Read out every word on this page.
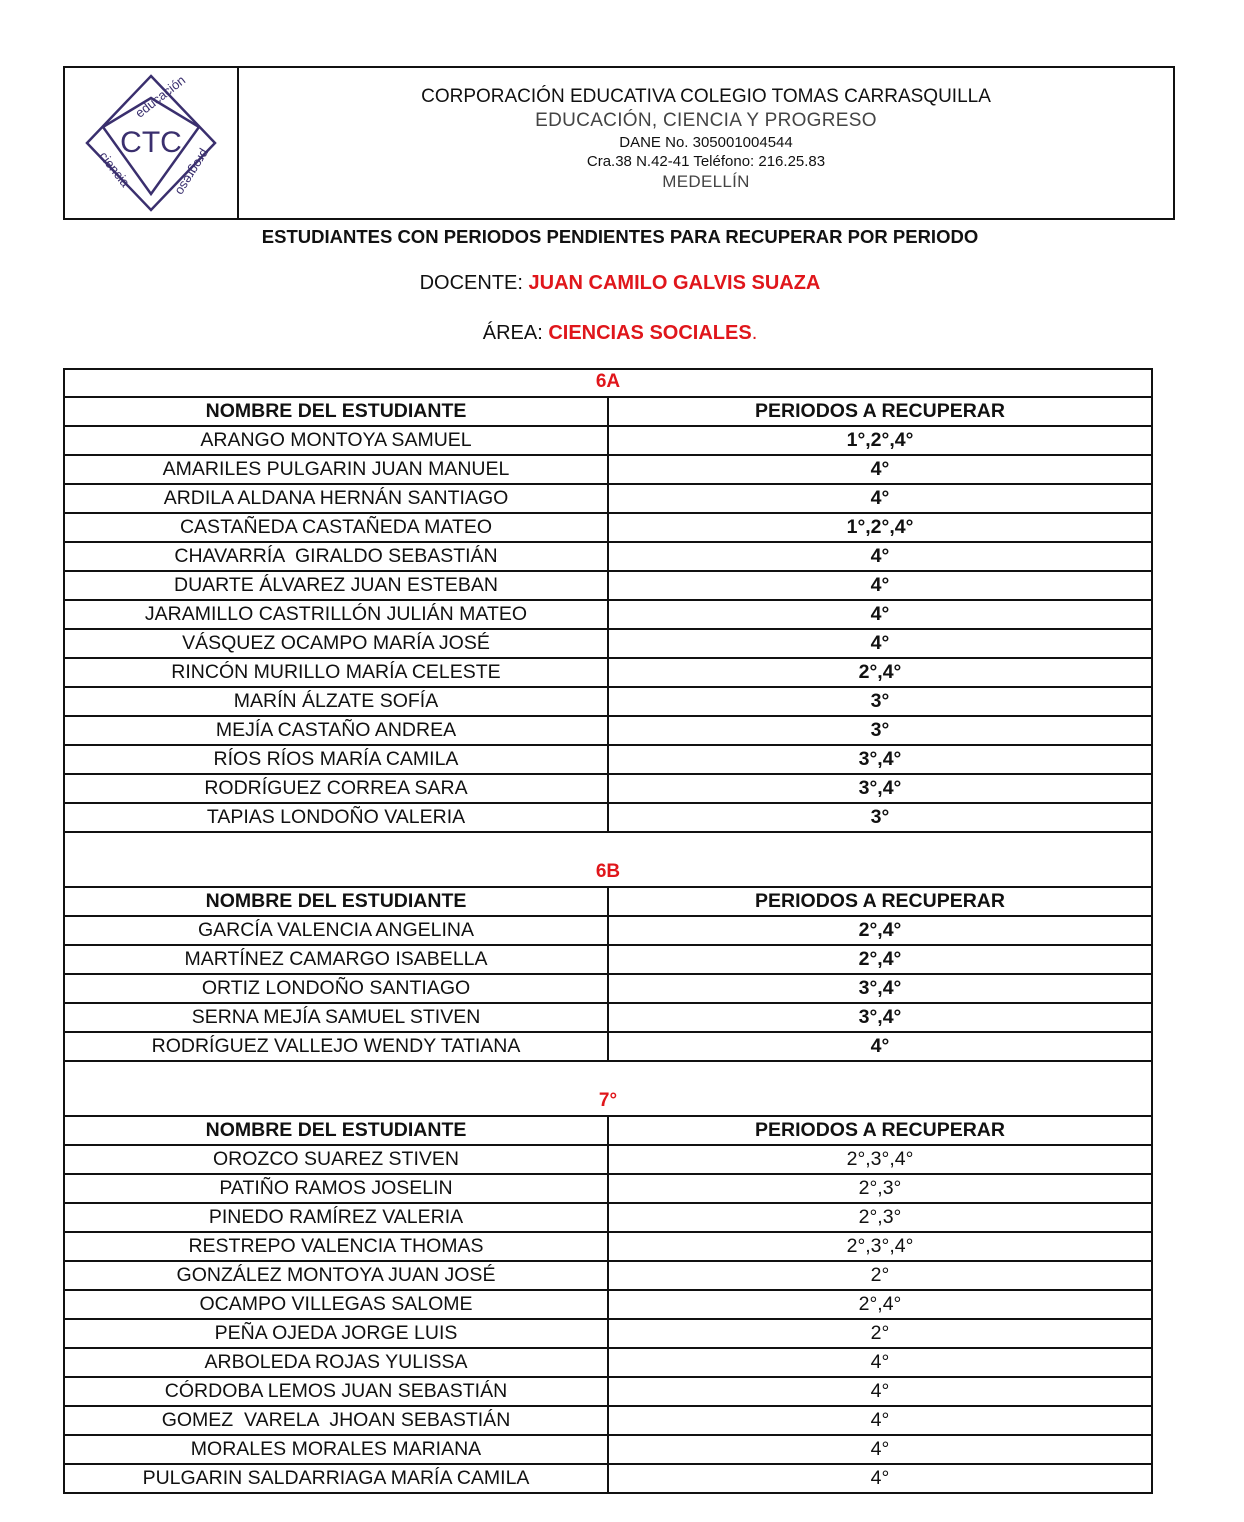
CTC
educación
ciencia	progreso
CORPORACIÓN EDUCATIVA COLEGIO TOMAS CARRASQUILLA
EDUCACIÓN, CIENCIA Y PROGRESO
DANE No. 305001004544
Cra.38 N.42-41 Teléfono: 216.25.83
MEDELLÍN
ESTUDIANTES CON PERIODOS PENDIENTES PARA RECUPERAR POR PERIODO
DOCENTE: JUAN CAMILO GALVIS SUAZA
ÁREA: CIENCIAS SOCIALES.
6A
NOMBRE DEL ESTUDIANTE	PERIODOS A RECUPERAR
ARANGO MONTOYA SAMUEL	1°,2°,4°
AMARILES PULGARIN JUAN MANUEL	4°
ARDILA ALDANA HERNÁN SANTIAGO	4°
CASTAÑEDA CASTAÑEDA MATEO	1°,2°,4°
CHAVARRÍA  GIRALDO SEBASTIÁN	4°
DUARTE ÁLVAREZ JUAN ESTEBAN	4°
JARAMILLO CASTRILLÓN JULIÁN MATEO	4°
VÁSQUEZ OCAMPO MARÍA JOSÉ	4°
RINCÓN MURILLO MARÍA CELESTE	2°,4°
MARÍN ÁLZATE SOFÍA	3°
MEJÍA CASTAÑO ANDREA	3°
RÍOS RÍOS MARÍA CAMILA	3°,4°
RODRÍGUEZ CORREA SARA	3°,4°
TAPIAS LONDOÑO VALERIA	3°
6B
NOMBRE DEL ESTUDIANTE	PERIODOS A RECUPERAR
GARCÍA VALENCIA ANGELINA	2°,4°
MARTÍNEZ CAMARGO ISABELLA	2°,4°
ORTIZ LONDOÑO SANTIAGO	3°,4°
SERNA MEJÍA SAMUEL STIVEN	3°,4°
RODRÍGUEZ VALLEJO WENDY TATIANA	4°
7°
NOMBRE DEL ESTUDIANTE	PERIODOS A RECUPERAR
OROZCO SUAREZ STIVEN	2°,3°,4°
PATIÑO RAMOS JOSELIN	2°,3°
PINEDO RAMÍREZ VALERIA	2°,3°
RESTREPO VALENCIA THOMAS	2°,3°,4°
GONZÁLEZ MONTOYA JUAN JOSÉ	2°
OCAMPO VILLEGAS SALOME	2°,4°
PEÑA OJEDA JORGE LUIS	2°
ARBOLEDA ROJAS YULISSA	4°
CÓRDOBA LEMOS JUAN SEBASTIÁN	4°
GOMEZ  VARELA  JHOAN SEBASTIÁN	4°
MORALES MORALES MARIANA	4°
PULGARIN SALDARRIAGA MARÍA CAMILA	4°
